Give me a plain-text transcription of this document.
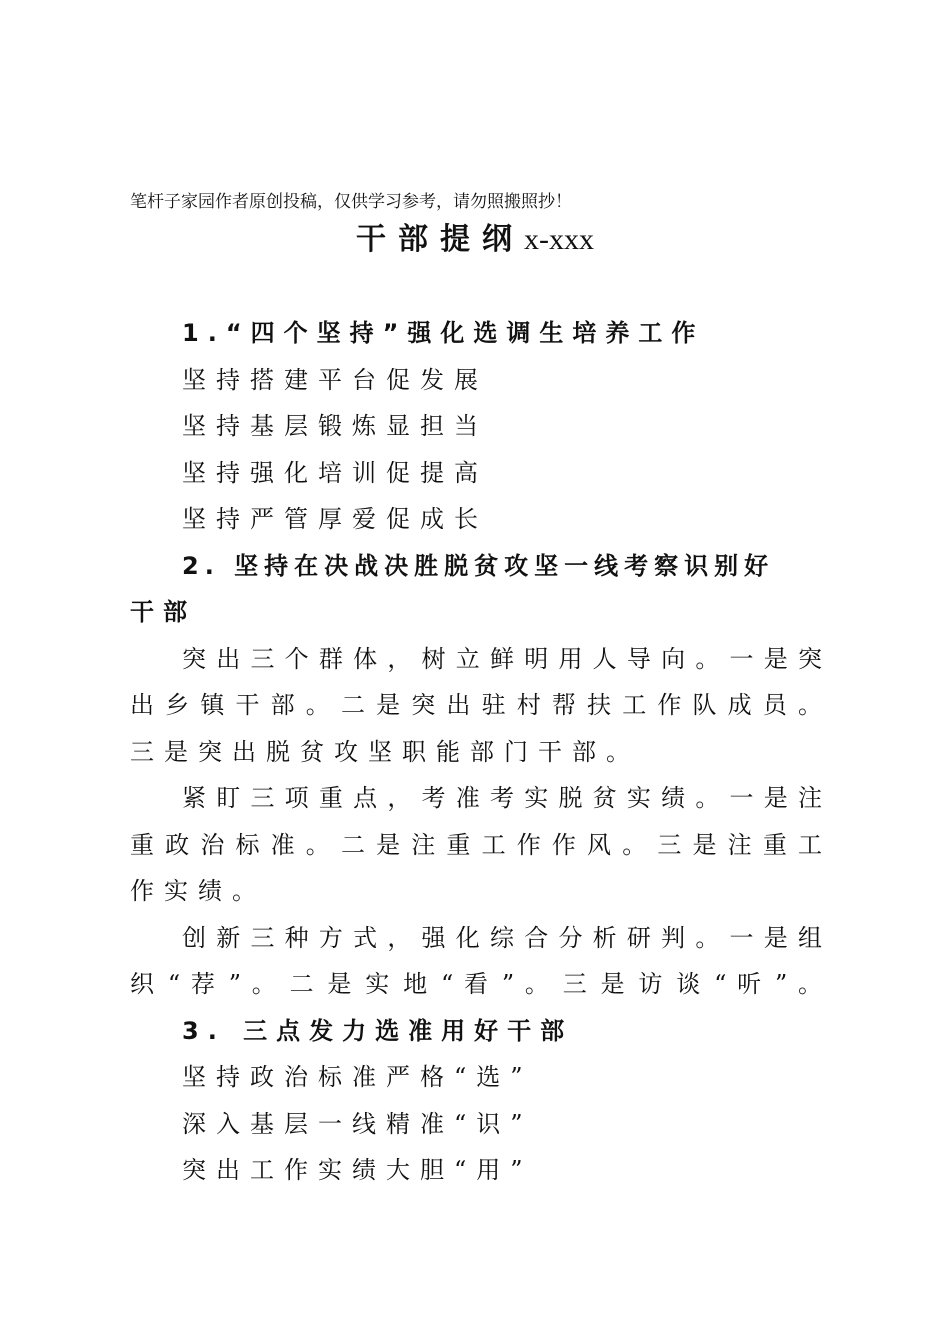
笔杆子家园作者原创投稿，仅供学习参考，请勿照搬照抄！
干部提纲x-xxx
1.“四个坚持”强化选调生培养工作
坚持搭建平台促发展
坚持基层锻炼显担当
坚持强化培训促提高
坚持严管厚爱促成长
2. 坚持在决战决胜脱贫攻坚一线考察识别好
干部
突 出 三 个 群 体 ， 树 立 鲜 明 用 人 导 向 。 一 是 突
出 乡 镇 干 部 。 二 是 突 出 驻 村 帮 扶 工 作 队 成 员 。
三是突出脱贫攻坚职能部门干部。
紧 盯 三 项 重 点 ， 考 准 考 实 脱 贫 实 绩 。 一 是 注
重 政 治 标 准 。 二 是 注 重 工 作 作 风 。 三 是 注 重 工
作实绩。
创 新 三 种 方 式 ， 强 化 综 合 分 析 研 判 。 一 是 组
织 “ 荐 ” 。 二 是 实 地 “ 看 ” 。 三 是 访 谈 “ 听 ” 。
3. 三点发力选准用好干部
坚持政治标准严格“选”
深入基层一线精准“识”
突出工作实绩大胆“用”
